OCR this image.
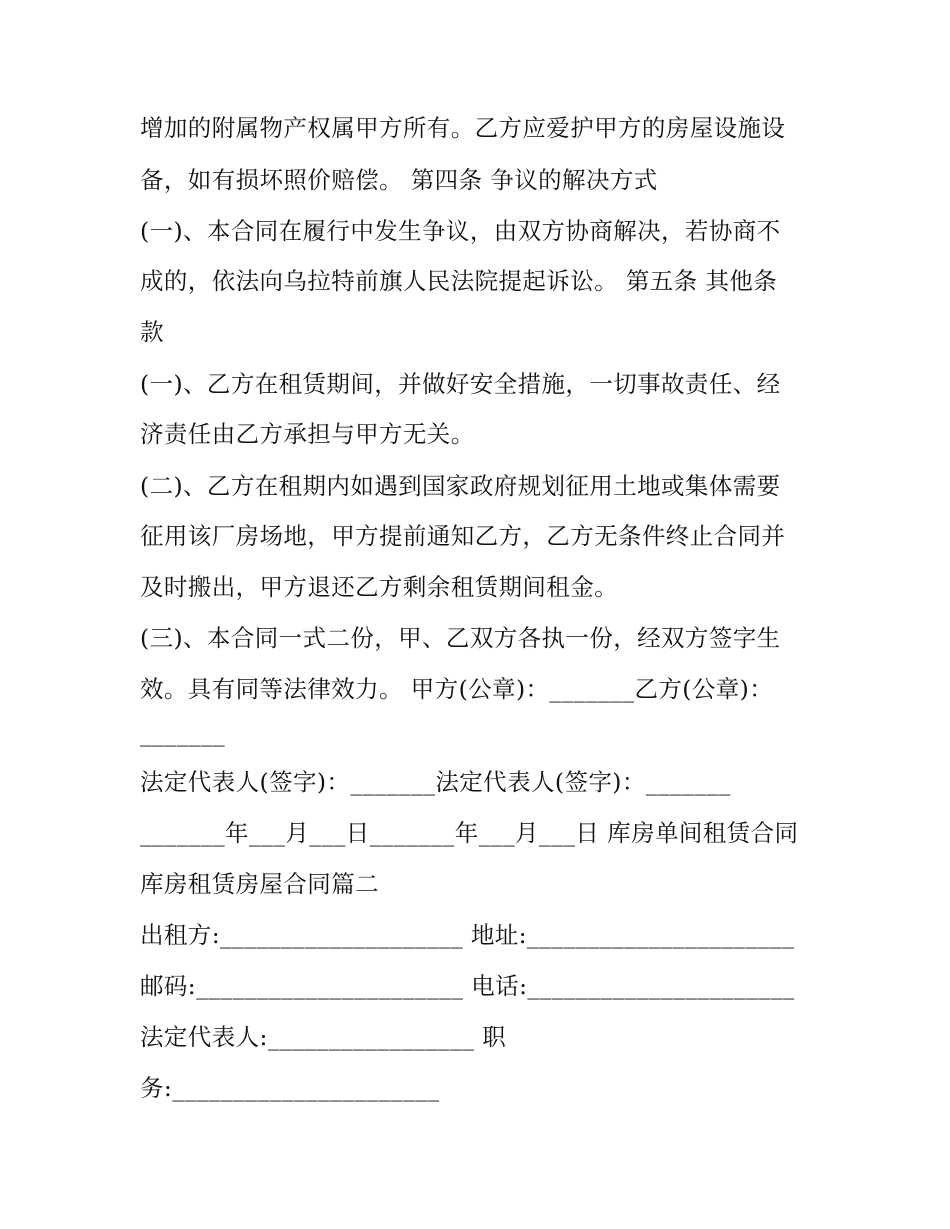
增加的附属物产权属甲方所有。乙方应爱护甲方的房屋设施设
备，如有损坏照价赔偿。 第四条 争议的解决方式
(一)、本合同在履行中发生争议，由双方协商解决，若协商不
成的，依法向乌拉特前旗人民法院提起诉讼。 第五条 其他条
款
(一)、乙方在租赁期间，并做好安全措施，一切事故责任、经
济责任由乙方承担与甲方无关。
(二)、乙方在租期内如遇到国家政府规划征用土地或集体需要
征用该厂房场地，甲方提前通知乙方，乙方无条件终止合同并
及时搬出，甲方退还乙方剩余租赁期间租金。
(三)、本合同一式二份，甲、乙双方各执一份，经双方签字生
效。具有同等法律效力。 甲方(公章)：_______乙方(公章)：
_______
法定代表人(签字)：_______法定代表人(签字)：_______
_______年___月___日_______年___月___日 库房单间租赁合同
库房租赁房屋合同篇二
出租方:____________________ 地址:______________________
邮码:______________________ 电话:______________________
法定代表人:_________________ 职
务:______________________
